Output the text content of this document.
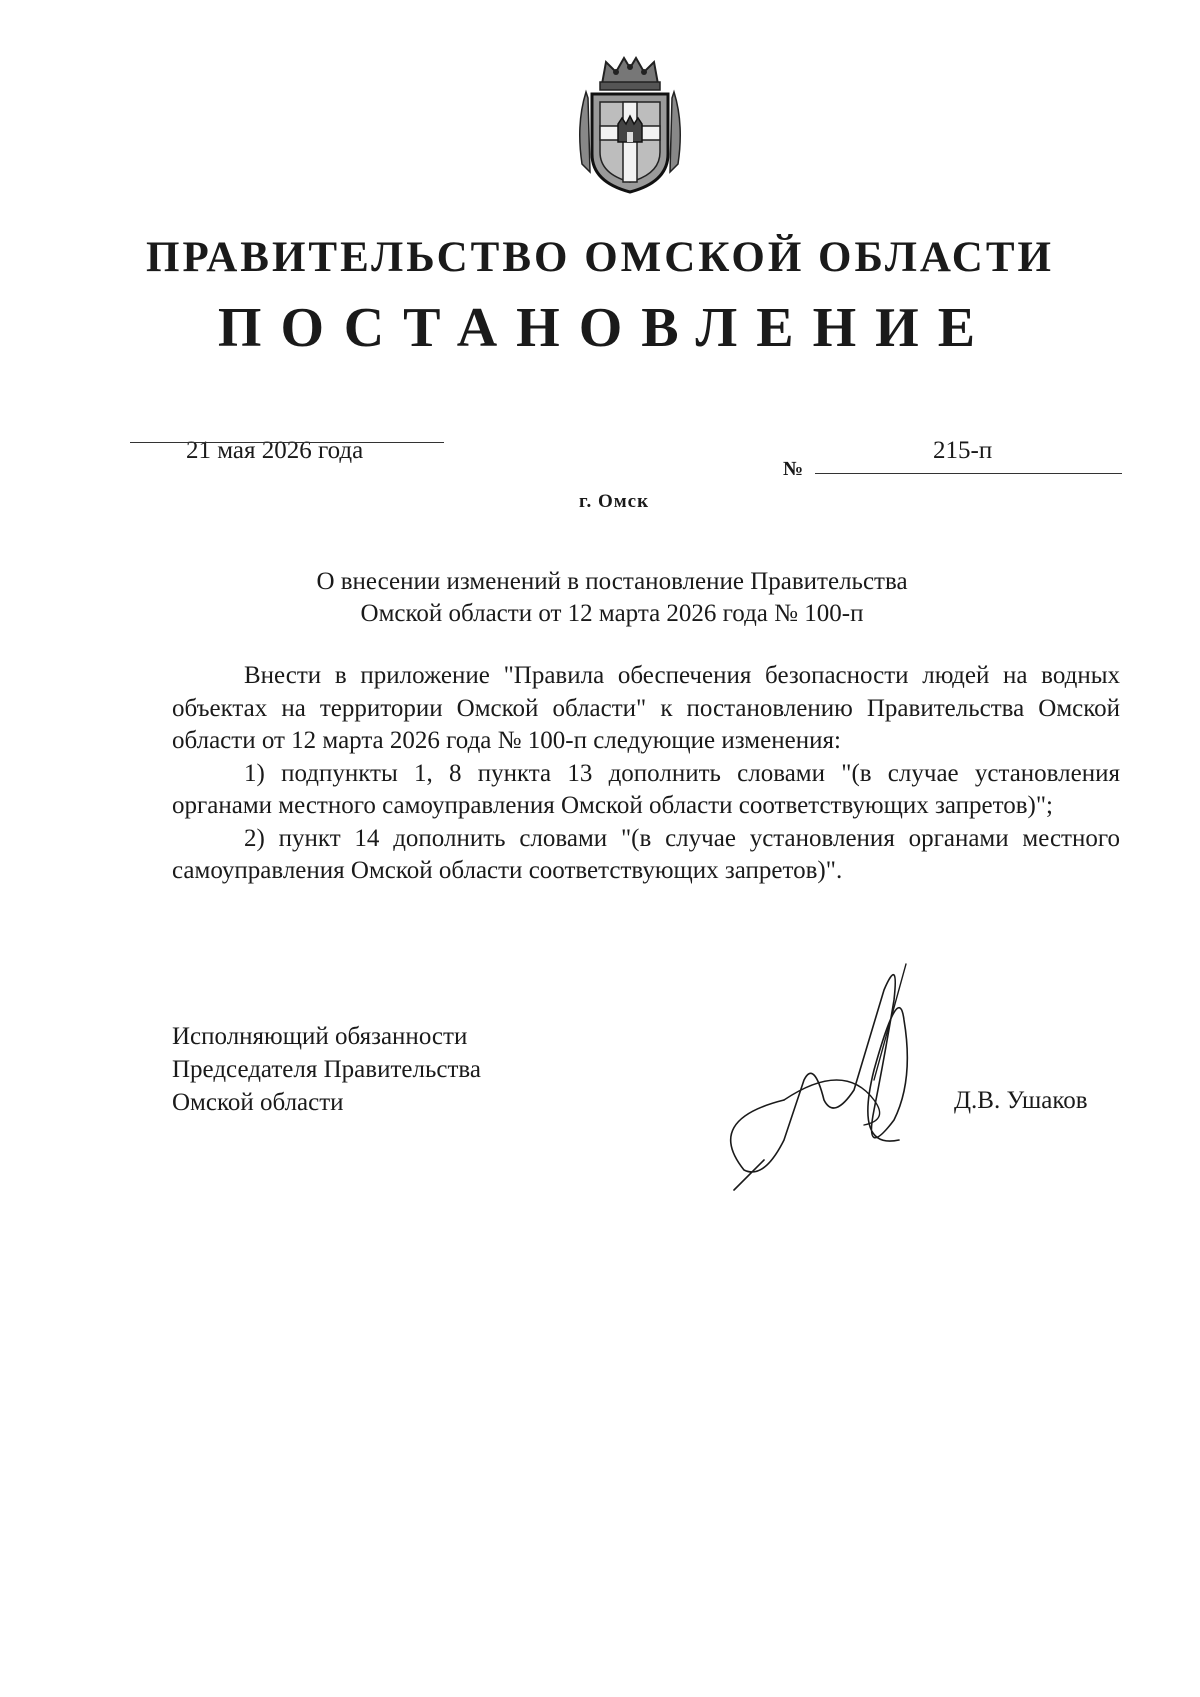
ПРАВИТЕЛЬСТВО ОМСКОЙ ОБЛАСТИ
ПОСТАНОВЛЕНИЕ
21 мая 2026 года
№
215-п
г. Омск
О внесении изменений в постановление Правительства
Омской области от 12 марта 2026 года № 100-п

Внести в приложение "Правила обеспечения безопасности людей на водных объектах на территории Омской области" к постановлению Правительства Омской области от 12 марта 2026 года № 100-п следующие изменения:

1) подпункты 1, 8 пункта 13 дополнить словами "(в случае установления органами местного самоуправления Омской области соответствующих запретов)";

2) пункт 14 дополнить словами "(в случае установления органами местного самоуправления Омской области соответствующих запретов)".

Исполняющий обязанности
Председателя Правительства
Омской области	Д.В. Ушаков
